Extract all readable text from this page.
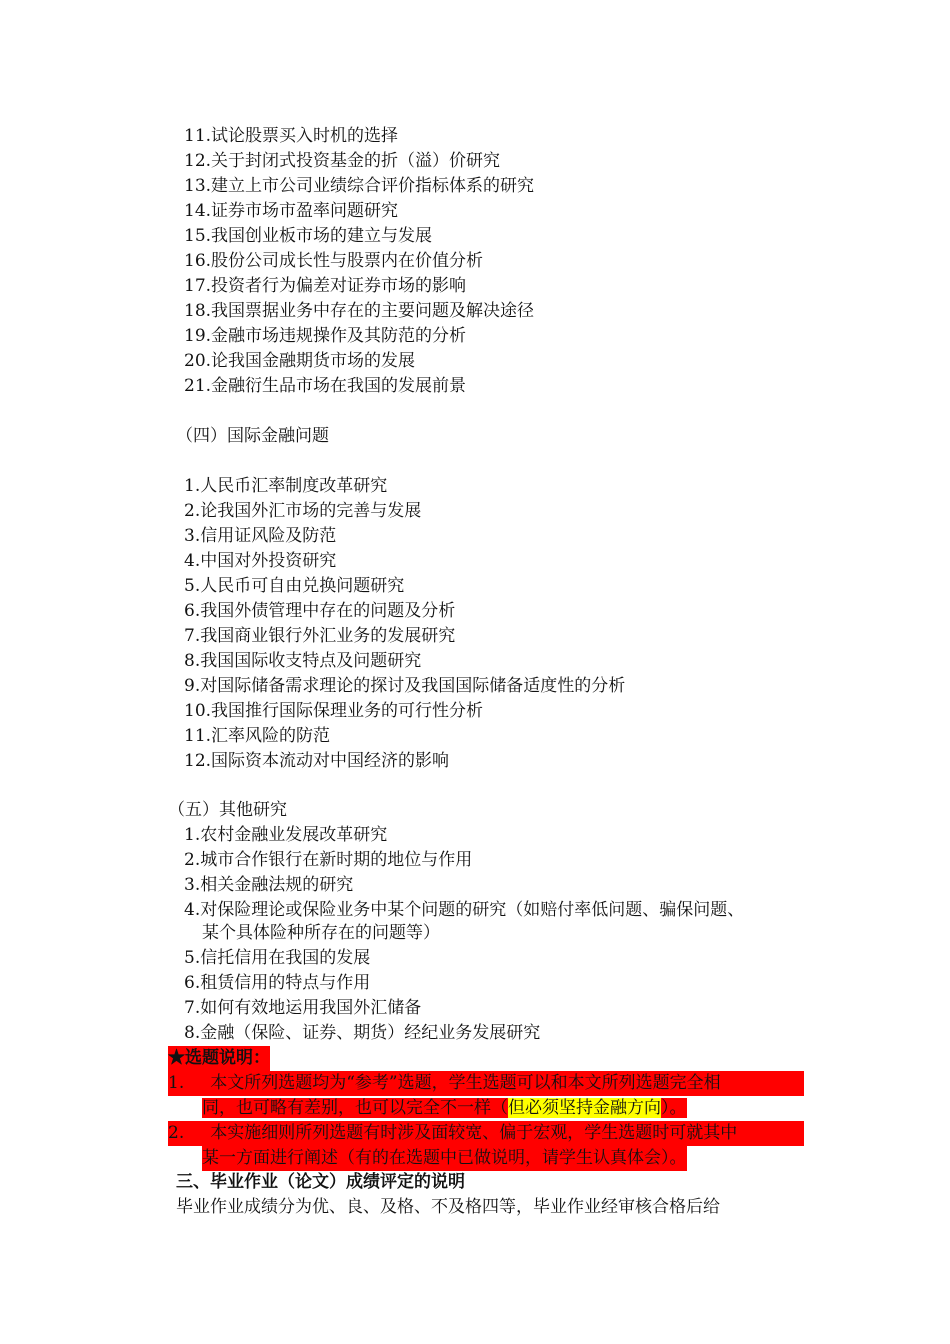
11.试论股票买入时机的选择
12.关于封闭式投资基金的折（溢）价研究
13.建立上市公司业绩综合评价指标体系的研究
14.证券市场市盈率问题研究
15.我国创业板市场的建立与发展
16.股份公司成长性与股票内在价值分析
17.投资者行为偏差对证券市场的影响
18.我国票据业务中存在的主要问题及解决途径
19.金融市场违规操作及其防范的分析
20.论我国金融期货市场的发展
21.金融衍生品市场在我国的发展前景
（四）国际金融问题
1.人民币汇率制度改革研究
2.论我国外汇市场的完善与发展
3.信用证风险及防范
4.中国对外投资研究
5.人民币可自由兑换问题研究
6.我国外债管理中存在的问题及分析
7.我国商业银行外汇业务的发展研究
8.我国国际收支特点及问题研究
9.对国际储备需求理论的探讨及我国国际储备适度性的分析
10.我国推行国际保理业务的可行性分析
11.汇率风险的防范
12.国际资本流动对中国经济的影响
（五）其他研究
1.农村金融业发展改革研究
2.城市合作银行在新时期的地位与作用
3.相关金融法规的研究
4.对保险理论或保险业务中某个问题的研究（如赔付率低问题、骗保问题、
某个具体险种所存在的问题等）
5.信托信用在我国的发展
6.租赁信用的特点与作用
7.如何有效地运用我国外汇储备
8.金融（保险、证券、期货）经纪业务发展研究
★选题说明：
1. 本文所列选题均为“参考”选题，学生选题可以和本文所列选题完全相
同，也可略有差别，也可以完全不一样（但必须坚持金融方向）。
2. 本实施细则所列选题有时涉及面较宽、偏于宏观，学生选题时可就其中
某一方面进行阐述（有的在选题中已做说明，请学生认真体会）。
三、毕业作业（论文）成绩评定的说明
毕业作业成绩分为优、良、及格、不及格四等，毕业作业经审核合格后给
